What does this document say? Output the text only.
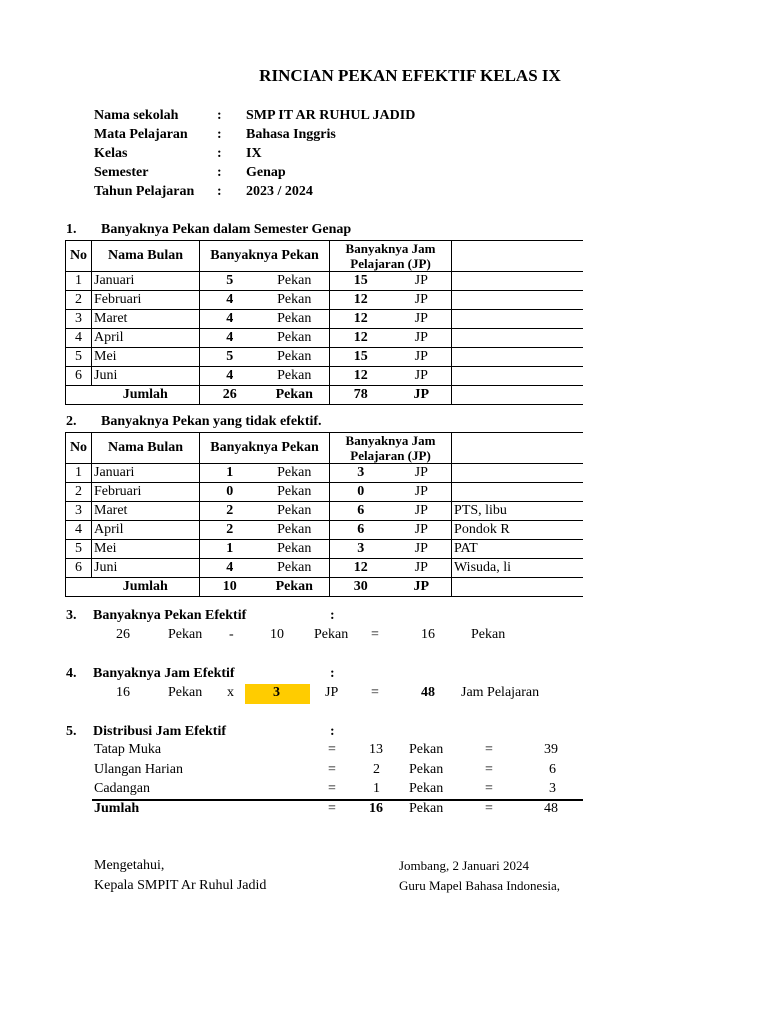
RINCIAN PEKAN EFEKTIF KELAS IX
Nama sekolah	: SMP IT AR RUHUL JADID
Mata Pelajaran : Bahasa Inggris
Kelas	: IX
Semester	: Genap
Tahun Pelajaran : 2023 / 2024
1. Banyaknya Pekan dalam Semester Genap
No	Nama Bulan	Banyaknya Pekan		Banyaknya Jam Pelajaran (JP)		
1	Januari	5	Pekan	15	JP	
2	Februari	4	Pekan	12	JP	
3	Maret	4	Pekan	12	JP	
4	April	4	Pekan	12	JP	
5	Mei	5	Pekan	15	JP	
6	Juni	4	Pekan	12	JP	
	Jumlah	26	Pekan	78	JP	
2. Banyaknya Pekan yang tidak efektif.
No	Nama Bulan	Banyaknya Pekan		Banyaknya Jam Pelajaran (JP)		
1	Januari	1	Pekan	3	JP	
2	Februari	0	Pekan	0	JP	
3	Maret	2	Pekan	6	JP	PTS, libu
4	April	2	Pekan	6	JP	Pondok R
5	Mei	1	Pekan	3	JP	PAT
6	Juni	4	Pekan	12	JP	Wisuda, li
	Jumlah	10	Pekan	30	JP	
3. Banyaknya Pekan Efektif	:
26	Pekan -	10 Pekan =	16	Pekan
4. Banyaknya Jam Efektif	:
16	Pekan x	3	JP =	48 Jam Pelajaran
5. Distribusi Jam Efektif	:
Tatap Muka	= 13 Pekan	=	39
Ulangan Harian	=	2 Pekan	=	6
Cadangan	=	1 Pekan	=	3
Jumlah	= 16 Pekan	=	48
Mengetahui,
Kepala SMPIT Ar Ruhul Jadid
Jombang, 2 Januari 2024
Guru Mapel Bahasa Indonesia,
